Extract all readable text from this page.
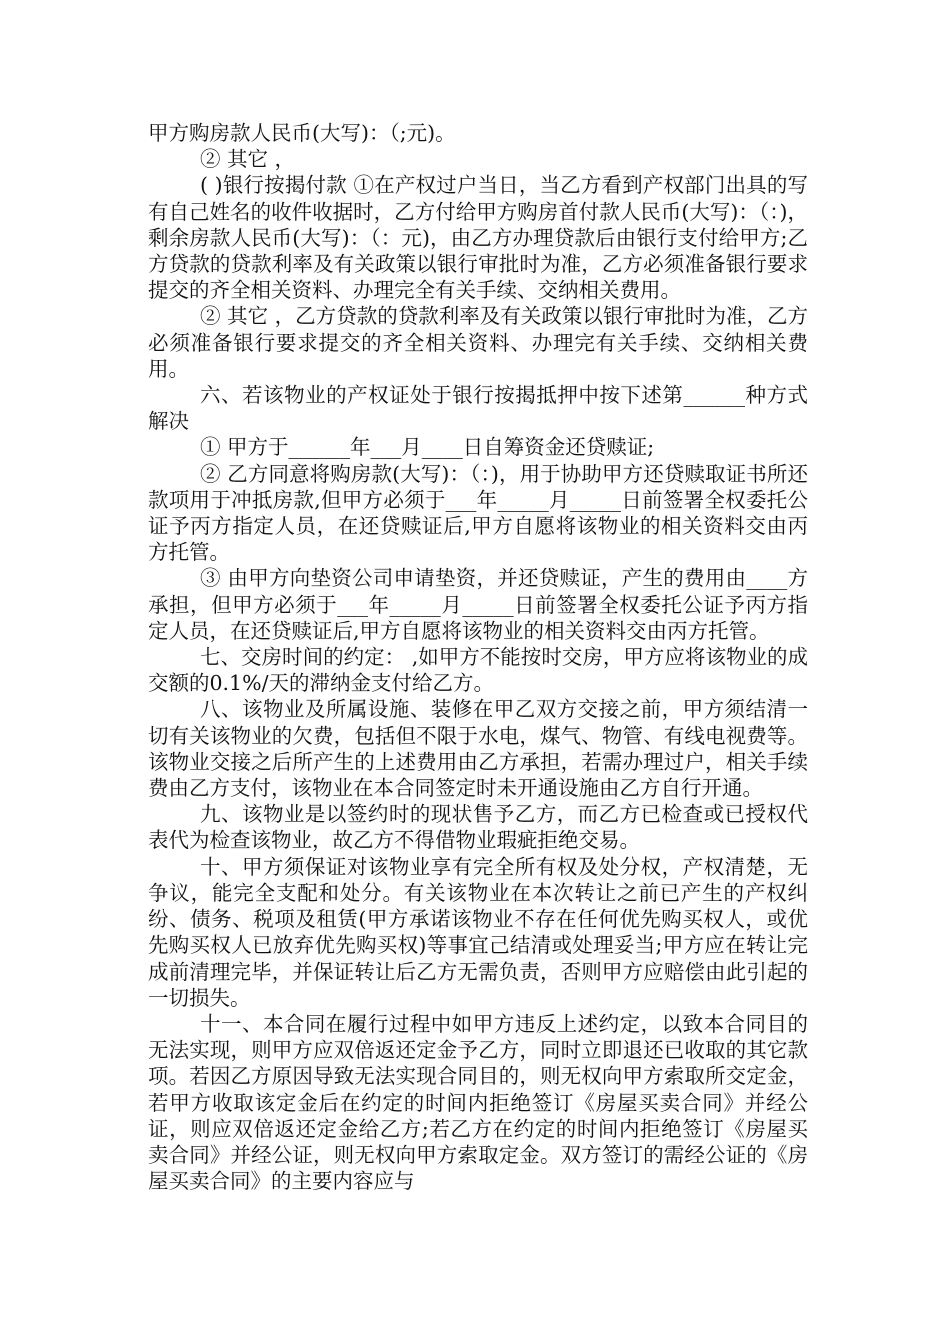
甲方购房款人民币(大写)：（;元)。

② 其它 ，

( )银行按揭付款 ①在产权过户当日，当乙方看到产权部门出具的写有自己姓名的收件收据时，乙方付给甲方购房首付款人民币(大写)：（：)，剩余房款人民币(大写)：（：元)，由乙方办理贷款后由银行支付给甲方;乙方贷款的贷款利率及有关政策以银行审批时为准，乙方必须准备银行要求提交的齐全相关资料、办理完全有关手续、交纳相关费用。

② 其它 ，乙方贷款的贷款利率及有关政策以银行审批时为准，乙方必须准备银行要求提交的齐全相关资料、办理完有关手续、交纳相关费用。

六、若该物业的产权证处于银行按揭抵押中按下述第______种方式解决

① 甲方于______年___月____日自筹资金还贷赎证;

② 乙方同意将购房款(大写)：（：)，用于协助甲方还贷赎取证书所还款项用于冲抵房款,但甲方必须于___年_____月_____日前签署全权委托公证予丙方指定人员，在还贷赎证后,甲方自愿将该物业的相关资料交由丙方托管。

③ 由甲方向垫资公司申请垫资，并还贷赎证，产生的费用由____方承担，但甲方必须于___年_____月_____日前签署全权委托公证予丙方指定人员，在还贷赎证后,甲方自愿将该物业的相关资料交由丙方托管。

七、交房时间的约定： ,如甲方不能按时交房，甲方应将该物业的成交额的0.1%/天的滞纳金支付给乙方。

八、该物业及所属设施、装修在甲乙双方交接之前，甲方须结清一切有关该物业的欠费，包括但不限于水电，煤气、物管、有线电视费等。该物业交接之后所产生的上述费用由乙方承担，若需办理过户，相关手续费由乙方支付，该物业在本合同签定时未开通设施由乙方自行开通。

九、该物业是以签约时的现状售予乙方，而乙方已检查或已授权代表代为检查该物业，故乙方不得借物业瑕疵拒绝交易。

十、甲方须保证对该物业享有完全所有权及处分权，产权清楚，无争议，能完全支配和处分。有关该物业在本次转让之前已产生的产权纠纷、债务、税项及租赁(甲方承诺该物业不存在任何优先购买权人，或优先购买权人已放弃优先购买权)等事宜己结清或处理妥当;甲方应在转让完成前清理完毕，并保证转让后乙方无需负责，否则甲方应赔偿由此引起的一切损失。

十一、本合同在履行过程中如甲方违反上述约定，以致本合同目的无法实现，则甲方应双倍返还定金予乙方，同时立即退还已收取的其它款项。若因乙方原因导致无法实现合同目的，则无权向甲方索取所交定金，若甲方收取该定金后在约定的时间内拒绝签订《房屋买卖合同》并经公证，则应双倍返还定金给乙方;若乙方在约定的时间内拒绝签订《房屋买卖合同》并经公证，则无权向甲方索取定金。双方签订的需经公证的《房屋买卖合同》的主要内容应与
